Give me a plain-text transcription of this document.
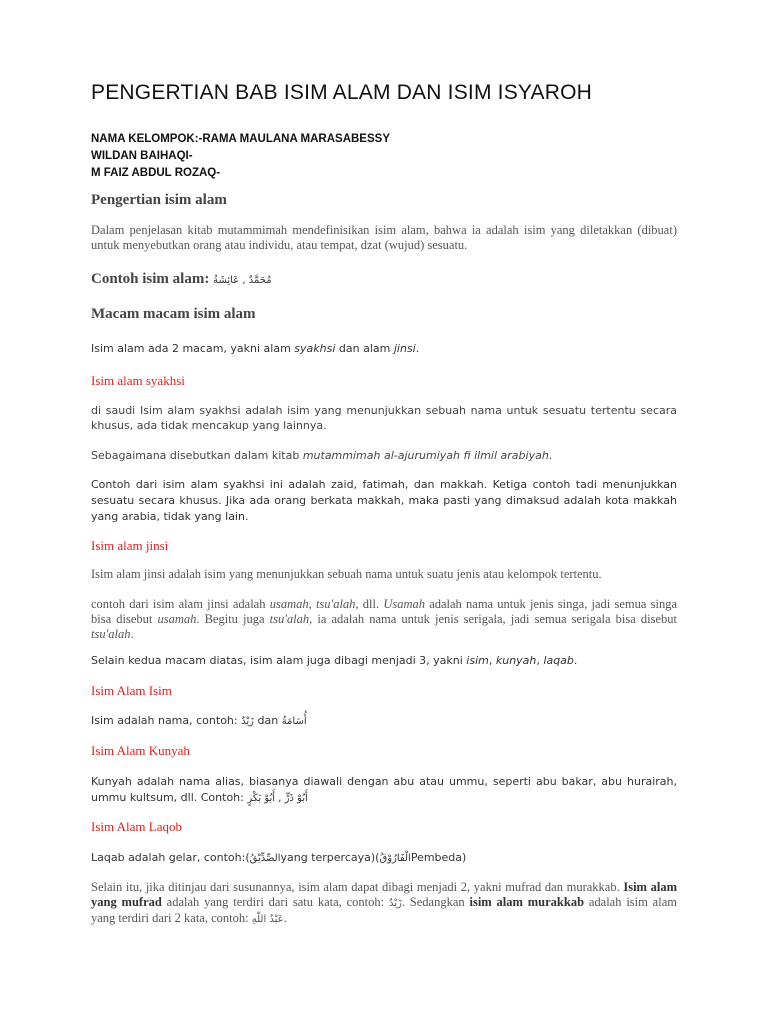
PENGERTIAN BAB ISIM ALAM DAN ISIM ISYAROH
NAMA KELOMPOK:-RAMA MAULANA MARASABESSY
WILDAN BAIHAQI-
M FAIZ ABDUL ROZAQ-
Pengertian isim alam

Dalam penjelasan kitab mutammimah mendefinisikan isim alam, bahwa ia adalah isim yang diletakkan (dibuat) untuk menyebutkan orang atau individu, atau tempat, dzat (wujud) sesuatu.

Contoh isim alam: مُحَمَّدٌ , عَائِشَةُ
Macam macam isim alam

Isim alam ada 2 macam, yakni alam syakhsi dan alam jinsi.

Isim alam syakhsi

di saudi Isim alam syakhsi adalah isim yang menunjukkan sebuah nama untuk sesuatu tertentu secara khusus, ada tidak mencakup yang lainnya.

Sebagaimana disebutkan dalam kitab mutammimah al-ajurumiyah fi ilmil arabiyah.

Contoh dari isim alam syakhsi ini adalah zaid, fatimah, dan makkah. Ketiga contoh tadi menunjukkan sesuatu secara khusus. Jika ada orang berkata makkah, maka pasti yang dimaksud adalah kota makkah yang arabia, tidak yang lain.

Isim alam jinsi

Isim alam jinsi adalah isim yang menunjukkan sebuah nama untuk suatu jenis atau kelompok tertentu.

contoh dari isim alam jinsi adalah usamah, tsu'alah, dll. Usamah adalah nama untuk jenis singa, jadi semua singa bisa disebut usamah. Begitu juga tsu'alah, ia adalah nama untuk jenis serigala, jadi semua serigala bisa disebut tsu'alah.

Selain kedua macam diatas, isim alam juga dibagi menjadi 3, yakni isim, kunyah, laqab.

Isim Alam Isim

Isim adalah nama, contoh: زَيْدٌ dan أُسَامَةُ

Isim Alam Kunyah

Kunyah adalah nama alias, biasanya diawali dengan abu atau ummu, seperti abu bakar, abu hurairah, ummu kultsum, dll. Contoh: أَبُوْ ذَرٍّ , أَبُوْ بَكْرٍ

Isim Alam Laqob

Laqab adalah gelar, contoh:(الصِّدِّيْقُyang terpercaya)(الْفَارُوْقُPembeda)

Selain itu, jika ditinjau dari susunannya, isim alam dapat dibagi menjadi 2, yakni mufrad dan murakkab. Isim alam yang mufrad adalah yang terdiri dari satu kata, contoh: زَيْدٌ. Sedangkan isim alam murakkab adalah isim alam yang terdiri dari 2 kata, contoh: عَبْدُ اللّٰهِ.
